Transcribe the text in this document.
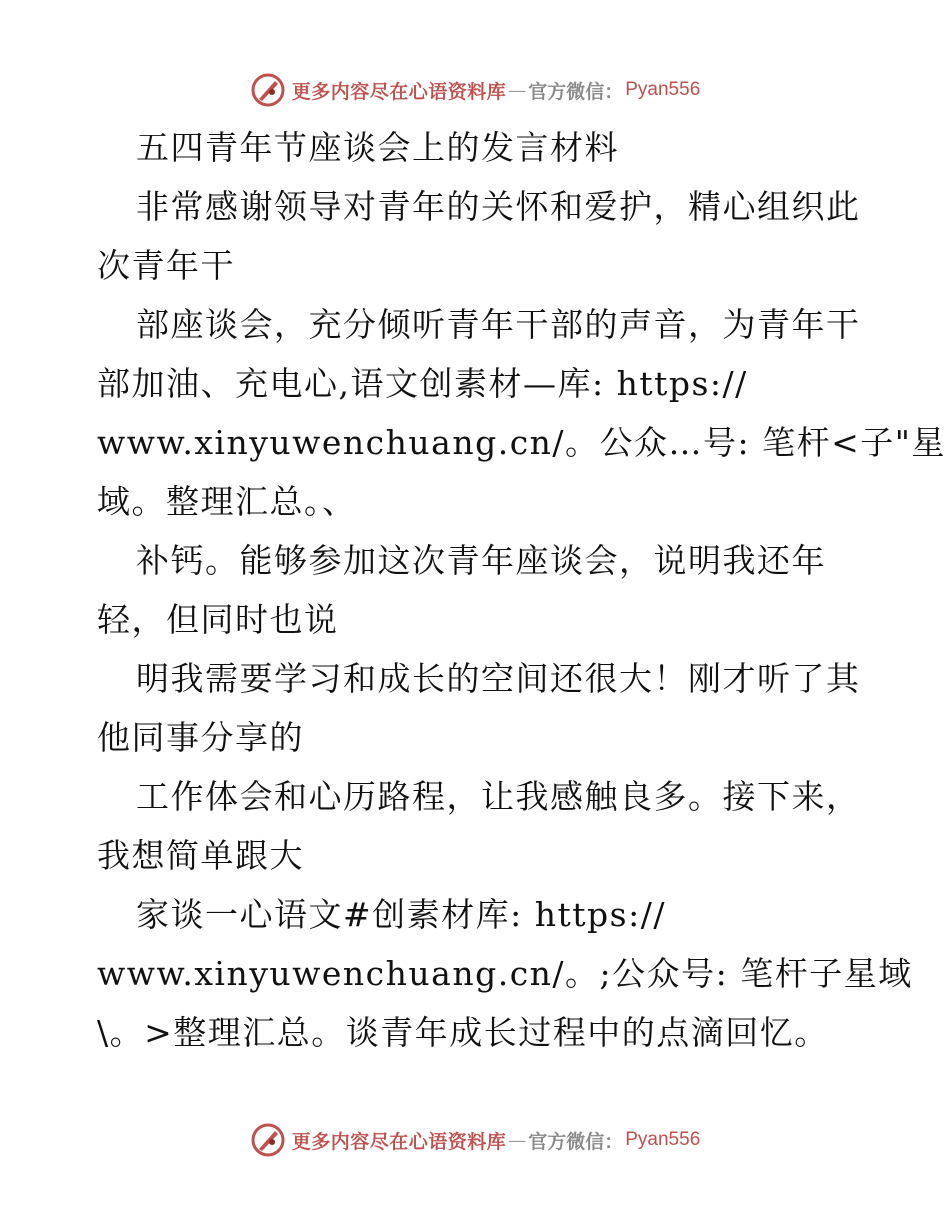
更多内容尽在心语资料库 — 官方微信： Pyan556
五四青年节座谈会上的发言材料
非常感谢领导对青年的关怀和爱护，精心组织此
次青年干
部座谈会，充分倾听青年干部的声音，为青年干
部加油、充电心,语文创素材—库: https://
www.xinyuwenchuang.cn/。公众…号: 笔杆<子"星
域。整理汇总。、
补钙。能够参加这次青年座谈会，说明我还年
轻，但同时也说
明我需要学习和成长的空间还很大！刚才听了其
他同事分享的
工作体会和心历路程，让我感触良多。接下来，
我想简单跟大
家谈一心语文#创素材库: https://
www.xinyuwenchuang.cn/。;公众号: 笔杆子星域
\。>整理汇总。谈青年成长过程中的点滴回忆。
更多内容尽在心语资料库 — 官方微信： Pyan556
